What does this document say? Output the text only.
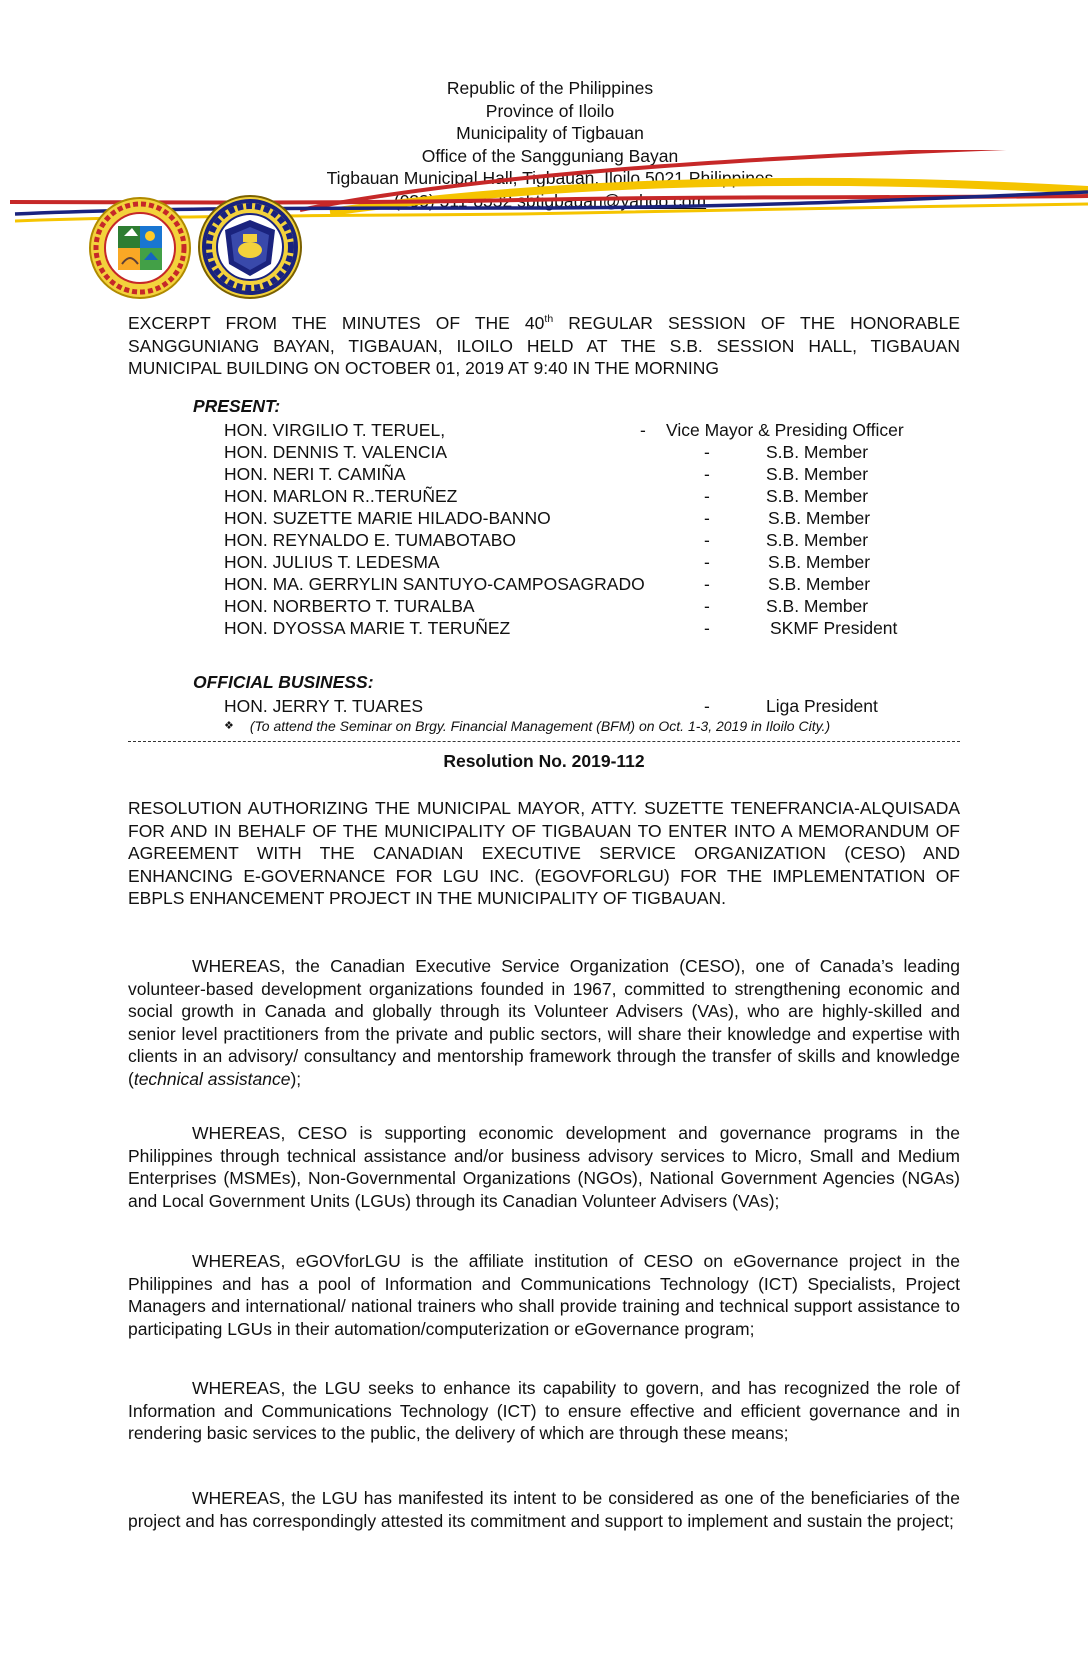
Republic of the Philippines
Province of Iloilo
Municipality of Tigbauan
Office of the Sangguniang Bayan
Tigbauan Municipal Hall, Tigbauan, Iloilo 5021 Philippines
(033) 511-8532 sbtigbauan@yahoo.com
EXCERPT FROM THE MINUTES OF THE 40th REGULAR SESSION OF THE HONORABLE SANGGUNIANG BAYAN, TIGBAUAN, ILOILO HELD AT THE S.B. SESSION HALL, TIGBAUAN MUNICIPAL BUILDING ON OCTOBER 01, 2019 AT 9:40 IN THE MORNING
PRESENT:
HON. VIRGILIO T. TERUEL,	- Vice Mayor & Presiding Officer
HON. DENNIS T. VALENCIA	-	S.B. Member
HON. NERI T. CAMIÑA	-	S.B. Member
HON. MARLON R..TERUÑEZ	-	S.B. Member
HON. SUZETTE MARIE HILADO-BANNO	-	S.B. Member
HON. REYNALDO E. TUMABOTABO	-	S.B. Member
HON. JULIUS T. LEDESMA	-	S.B. Member
HON. MA. GERRYLIN SANTUYO-CAMPOSAGRADO	-	S.B. Member
HON. NORBERTO T. TURALBA	-	S.B. Member
HON. DYOSSA MARIE T. TERUÑEZ	-	SKMF President
OFFICIAL BUSINESS:
HON. JERRY T. TUARES	-	Liga President
❖ (To attend the Seminar on Brgy. Financial Management (BFM) on Oct. 1-3, 2019 in Iloilo City.)
Resolution No. 2019-112
RESOLUTION AUTHORIZING THE MUNICIPAL MAYOR, ATTY. SUZETTE TENEFRANCIA-ALQUISADA FOR AND IN BEHALF OF THE MUNICIPALITY OF TIGBAUAN TO ENTER INTO A MEMORANDUM OF AGREEMENT WITH THE CANADIAN EXECUTIVE SERVICE ORGANIZATION (CESO) AND ENHANCING E-GOVERNANCE FOR LGU INC. (EGOVFORLGU) FOR THE IMPLEMENTATION OF EBPLS ENHANCEMENT PROJECT IN THE MUNICIPALITY OF TIGBAUAN.
WHEREAS, the Canadian Executive Service Organization (CESO), one of Canada’s leading volunteer-based development organizations founded in 1967, committed to strengthening economic and social growth in Canada and globally through its Volunteer Advisers (VAs), who are highly-skilled and senior level practitioners from the private and public sectors, will share their knowledge and expertise with clients in an advisory/ consultancy and mentorship framework through the transfer of skills and knowledge (technical assistance);
WHEREAS, CESO is supporting economic development and governance programs in the Philippines through technical assistance and/or business advisory services to Micro, Small and Medium Enterprises (MSMEs), Non-Governmental Organizations (NGOs), National Government Agencies (NGAs) and Local Government Units (LGUs) through its Canadian Volunteer Advisers (VAs);
WHEREAS, eGOVforLGU is the affiliate institution of CESO on eGovernance project in the Philippines and has a pool of Information and Communications Technology (ICT) Specialists, Project Managers and international/ national trainers who shall provide training and technical support assistance to participating LGUs in their automation/computerization or eGovernance program;
WHEREAS, the LGU seeks to enhance its capability to govern, and has recognized the role of Information and Communications Technology (ICT) to ensure effective and efficient governance and in rendering basic services to the public, the delivery of which are through these means;
WHEREAS, the LGU has manifested its intent to be considered as one of the beneficiaries of the project and has correspondingly attested its commitment and support to implement and sustain the project;
